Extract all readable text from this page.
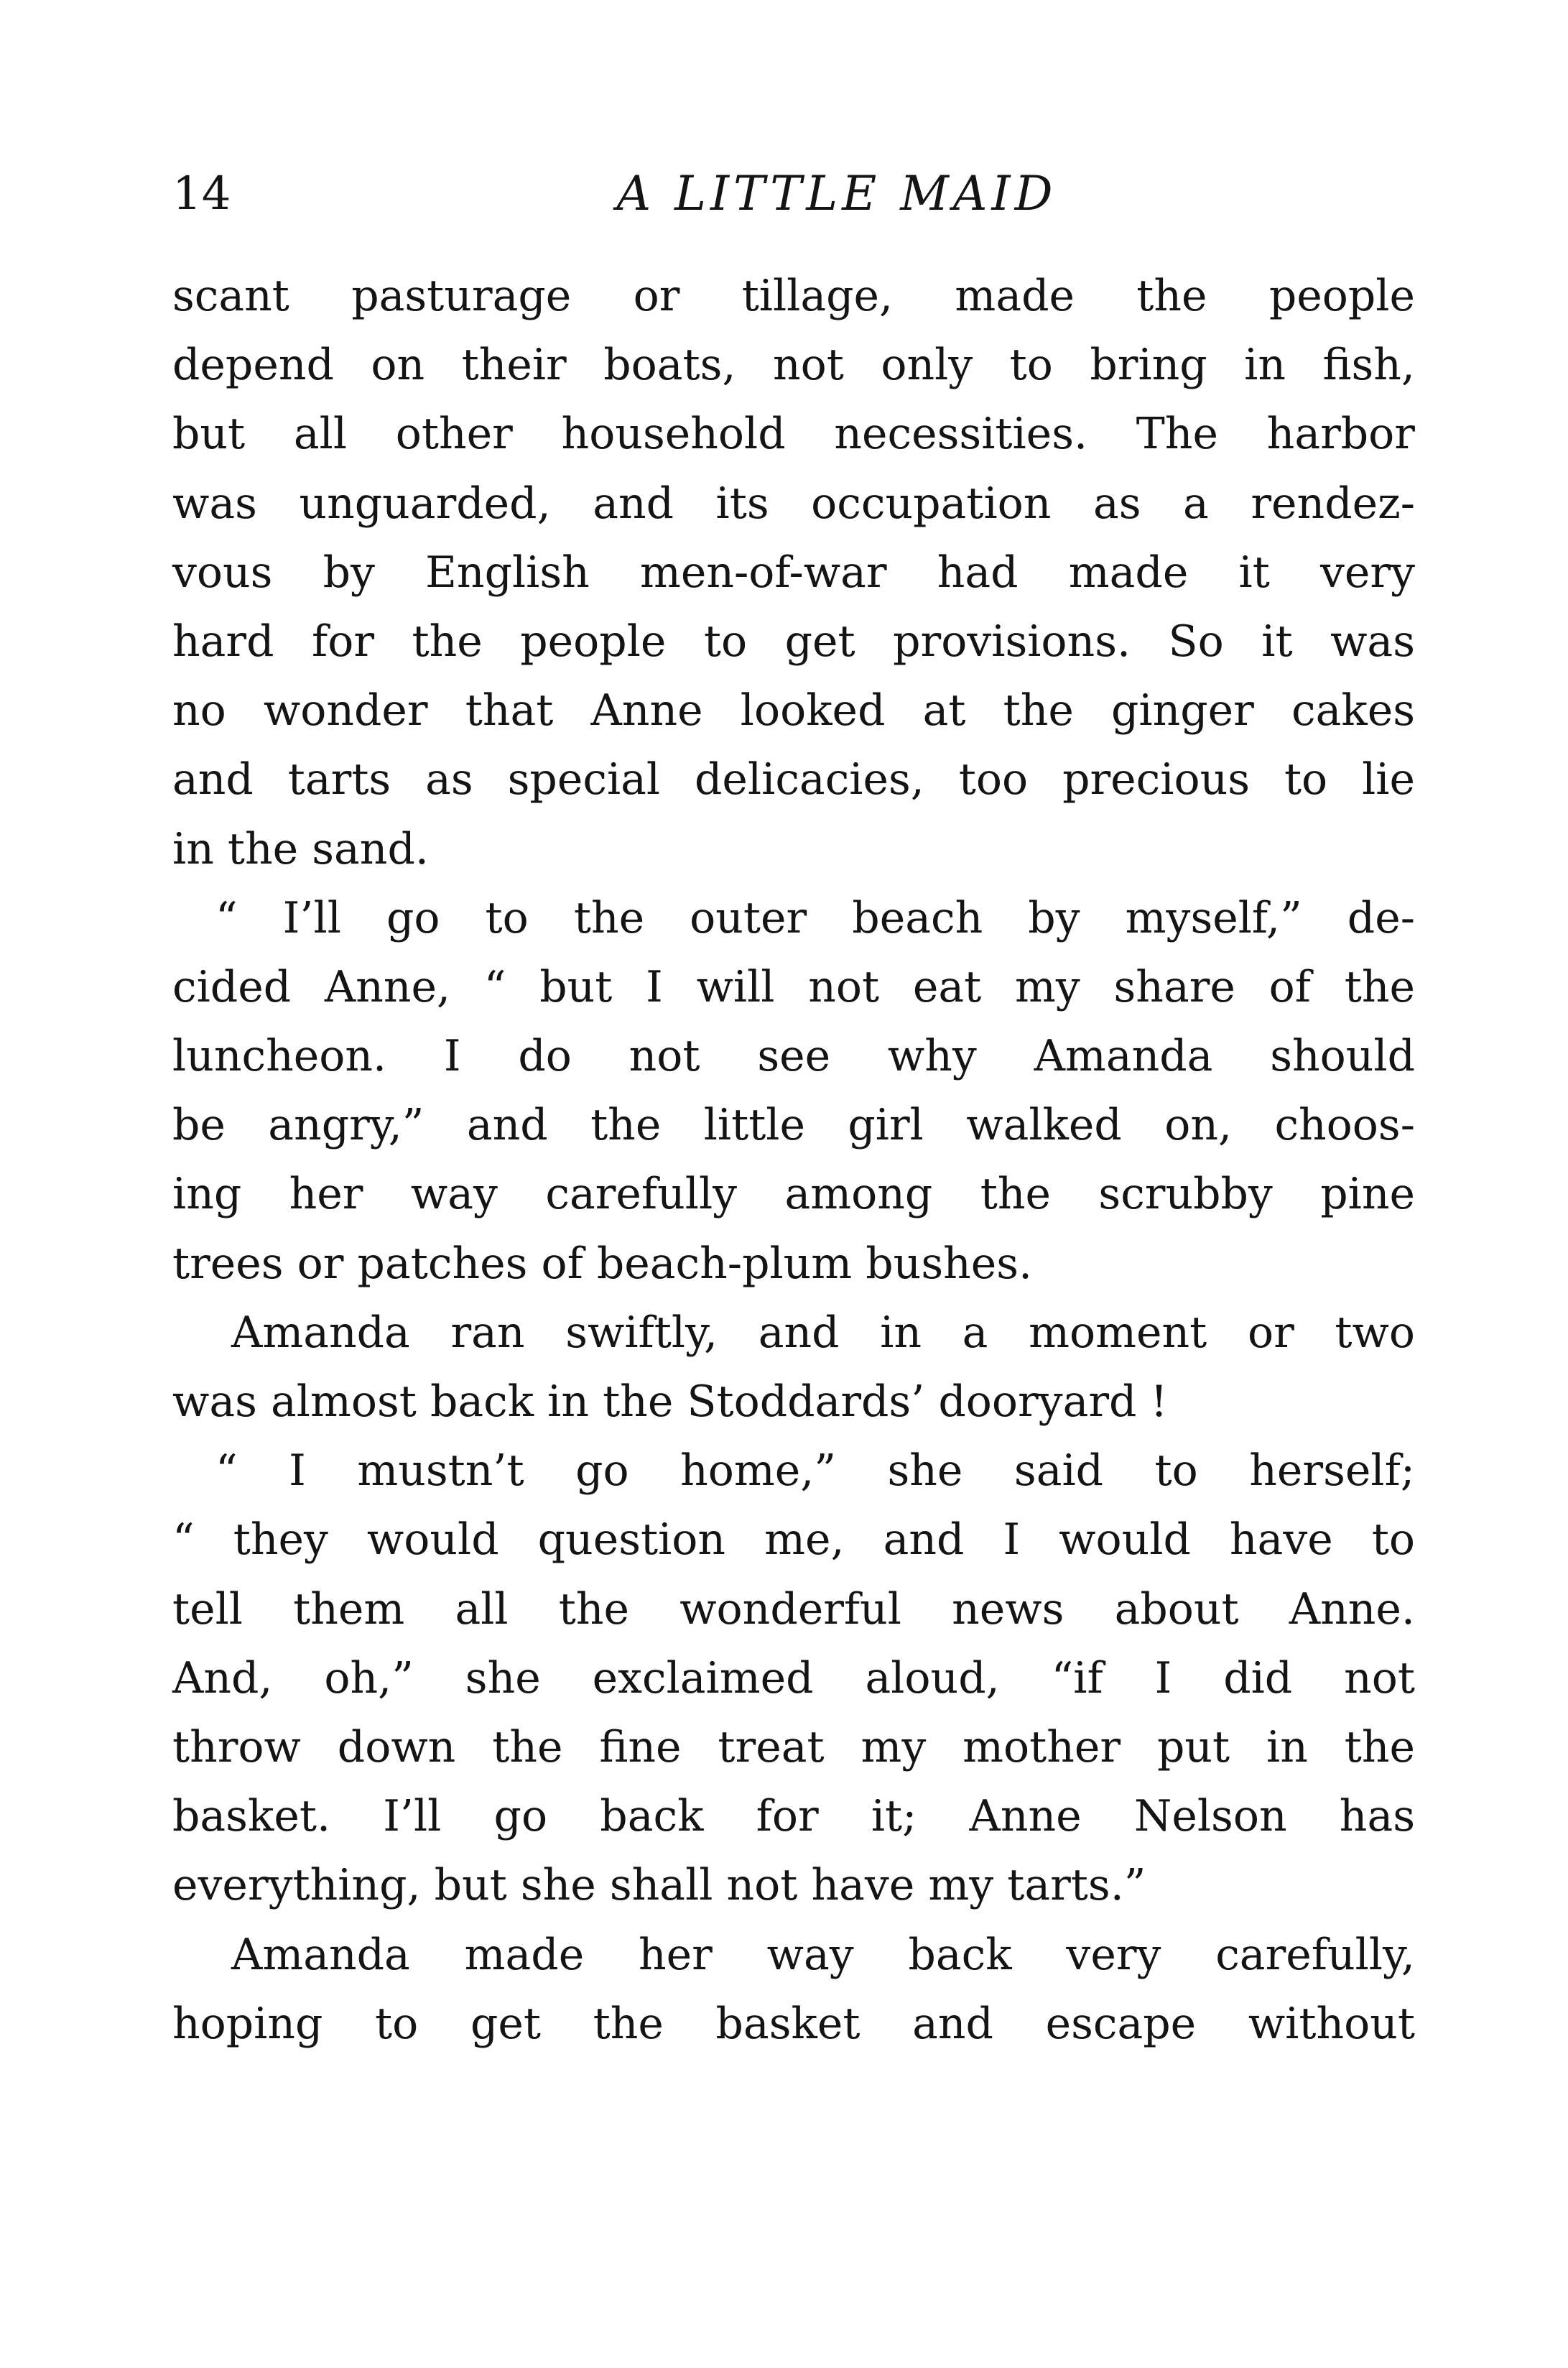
14	A LITTLE MAID
scant pasturage or tillage, made the people
depend on their boats, not only to bring in fish,
but all other household necessities. The harbor
was unguarded, and its occupation as a rendez-
vous by English men-of-war had made it very
hard for the people to get provisions. So it was
no wonder that Anne looked at the ginger cakes
and tarts as special delicacies, too precious to lie
in the sand.
“ I’ll go to the outer beach by myself,” de-
cided Anne, “ but I will not eat my share of the
luncheon. I do not see why Amanda should
be angry,” and the little girl walked on, choos-
ing her way carefully among the scrubby pine
trees or patches of beach-plum bushes.
Amanda ran swiftly, and in a moment or two
was almost back in the Stoddards’ dooryard !
“ I mustn’t go home,” she said to herself;
“ they would question me, and I would have to
tell them all the wonderful news about Anne.
And, oh,” she exclaimed aloud, “if I did not
throw down the fine treat my mother put in the
basket. I’ll go back for it; Anne Nelson has
everything, but she shall not have my tarts.”
Amanda made her way back very carefully,
hoping to get the basket and escape without
